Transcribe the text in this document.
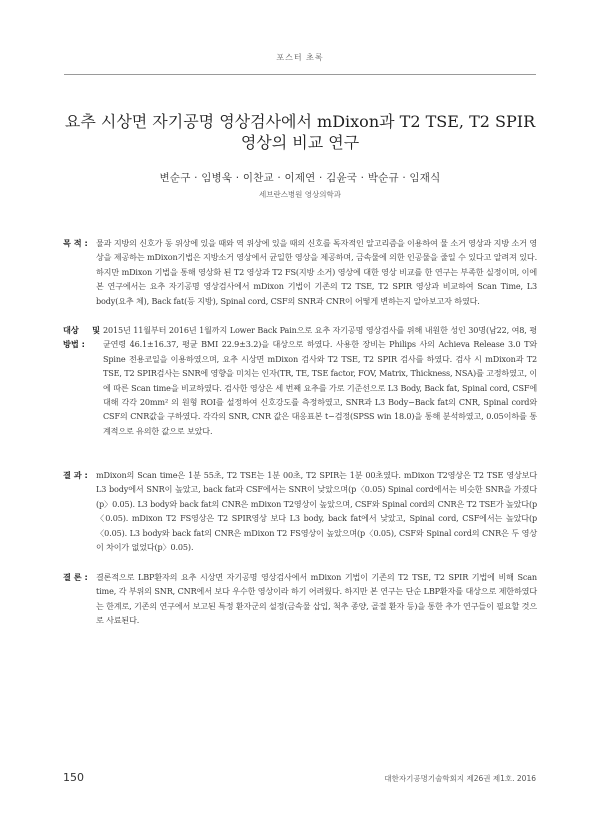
포스터 초록
요추 시상면 자기공명 영상검사에서 mDixon과 T2 TSE, T2 SPIR
영상의 비교 연구
변순구 · 임병욱 · 이찬교 · 이제연 · 김윤국 · 박순규 · 임재식
세브란스병원 영상의학과
목 적 :	물과 지방의 신호가 동 위상에 있을 때와 역 위상에 있을 때의 신호를 독자적인 알고리즘을 이용하여 물 소거 영상과 지방 소거 영상을 제공하는 mDixon기법은 지방소거 영상에서 균일한 영상을 제공하며, 금속물에 의한 인공물을 줄일 수 있다고 알려져 있다. 하지만 mDixon 기법을 통해 영상화 된 T2 영상과 T2 FS(지방 소거) 영상에 대한 영상 비교를 한 연구는 부족한 실정이며, 이에 본 연구에서는 요추 자기공명 영상검사에서 mDixon 기법이 기존의 T2 TSE, T2 SPIR 영상과 비교하여 Scan Time, L3 body(요추 체), Back fat(등 지방), Spinal cord, CSF의 SNR과 CNR이 어떻게 변하는지 알아보고자 하였다.
대상 및 방법 :
2015년 11월부터 2016년 1월까지 Lower Back Pain으로 요추 자기공명 영상검사를 위해 내원한 성인 30명(남22, 여8, 평균연령 46.1±16.37, 평균 BMI 22.9±3.2)을 대상으로 하였다. 사용한 장비는 Philips 사의 Achieva Release 3.0 T와 Spine 전용코일을 이용하였으며, 요추 시상면 mDixon 검사와 T2 TSE, T2 SPIR 검사를 하였다. 검사 시 mDixon과 T2 TSE, T2 SPIR검사는 SNR에 영향을 미치는 인자(TR, TE, TSE factor, FOV, Matrix, Thickness, NSA)를 고정하였고, 이에 따른 Scan time을 비교하였다. 검사한 영상은 세 번째 요추를 가로 기준선으로 L3 Body, Back fat, Spinal cord, CSF에 대해 각각 20mm² 의 원형 ROI를 설정하여 신호강도를 측정하였고, SNR과 L3 Body−Back fat의 CNR, Spinal cord와 CSF의 CNR값을 구하였다. 각각의 SNR, CNR 값은 대응표본 t−검정(SPSS win 18.0)을 통해 분석하였고, 0.05이하를 통계적으로 유의한 값으로 보았다.
결 과 :	mDixon의 Scan time은 1분 55초, T2 TSE는 1분 00초, T2 SPIR는 1분 00초였다. mDixon T2영상은 T2 TSE 영상보다 L3 body에서 SNR이 높았고, back fat과 CSF에서는 SNR이 낮았으며(p〈0.05) Spinal cord에서는 비슷한 SNR을 가졌다(p〉0.05). L3 body와 back fat의 CNR은 mDixon T2영상이 높았으며, CSF와 Spinal cord의 CNR은 T2 TSE가 높았다(p〈0.05). mDixon T2 FS영상은 T2 SPIR영상 보다 L3 body, back fat에서 낮았고, Spinal cord, CSF에서는 높았다(p〈0.05). L3 body와 back fat의 CNR은 mDixon T2 FS영상이 높았으며(p〈0.05), CSF와 Spinal cord의 CNR은 두 영상이 차이가 없었다(p〉0.05).
결 론 :	결론적으로 LBP환자의 요추 시상면 자기공명 영상검사에서 mDixon 기법이 기존의 T2 TSE, T2 SPIR 기법에 비해 Scan time, 각 부위의 SNR, CNR에서 보다 우수한 영상이라 하기 어려웠다. 하지만 본 연구는 단순 LBP환자를 대상으로 제한하였다는 한계로, 기존의 연구에서 보고된 특정 환자군의 설정(금속물 삽입, 척추 종양, 골절 환자 등)을 통한 추가 연구들이 필요할 것으로 사료된다.
150	대한자기공명기술학회지 제26권 제1호. 2016
